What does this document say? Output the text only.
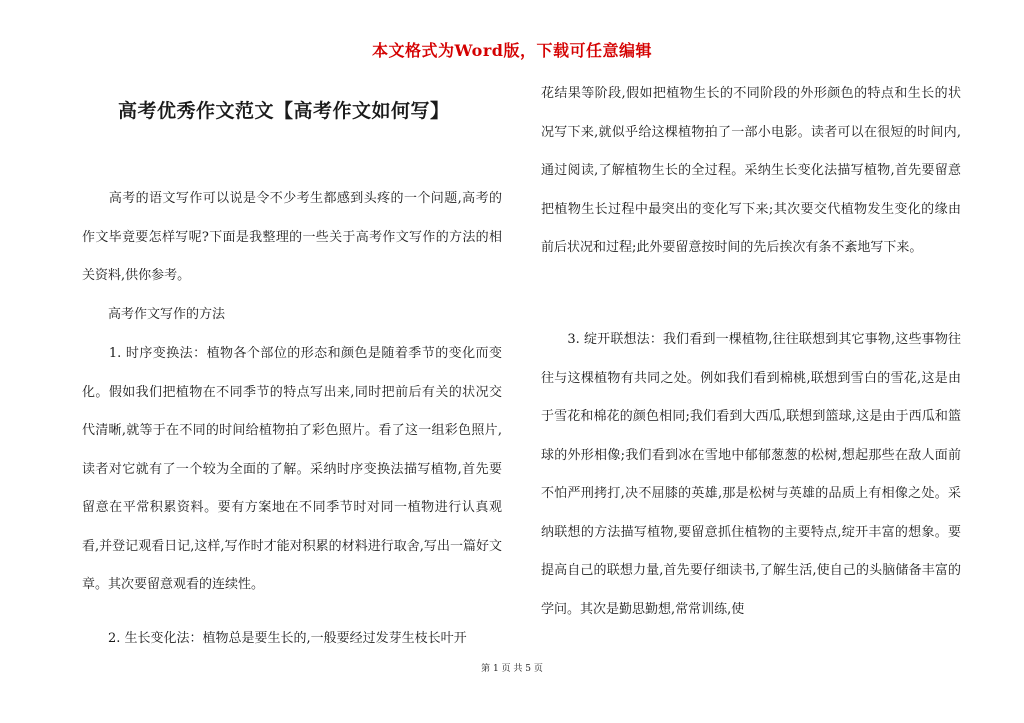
本文格式为Word版，下载可任意编辑
高考优秀作文范文【高考作文如何写】

　　高考的语文写作可以说是令不少考生都感到头疼的一个问题,高考的作文毕竟要怎样写呢?下面是我整理的一些关于高考作文写作的方法的相关资料,供你参考。

　　高考作文写作的方法

　　1. 时序变换法：植物各个部位的形态和颜色是随着季节的变化而变化。假如我们把植物在不同季节的特点写出来,同时把前后有关的状况交代清晰,就等于在不同的时间给植物拍了彩色照片。看了这一组彩色照片,读者对它就有了一个较为全面的了解。采纳时序变换法描写植物,首先要留意在平常积累资料。要有方案地在不同季节时对同一植物进行认真观看,并登记观看日记,这样,写作时才能对积累的材料进行取舍,写出一篇好文章。其次要留意观看的连续性。

　　2. 生长变化法：植物总是要生长的,一般要经过发芽生枝长叶开

花结果等阶段,假如把植物生长的不同阶段的外形颜色的特点和生长的状况写下来,就似乎给这棵植物拍了一部小电影。读者可以在很短的时间内,通过阅读,了解植物生长的全过程。采纳生长变化法描写植物,首先要留意把植物生长过程中最突出的变化写下来;其次要交代植物发生变化的缘由前后状况和过程;此外要留意按时间的先后挨次有条不紊地写下来。

　　3. 绽开联想法：我们看到一棵植物,往往联想到其它事物,这些事物往往与这棵植物有共同之处。例如我们看到棉桃,联想到雪白的雪花,这是由于雪花和棉花的颜色相同;我们看到大西瓜,联想到篮球,这是由于西瓜和篮球的外形相像;我们看到冰在雪地中郁郁葱葱的松树,想起那些在敌人面前不怕严刑拷打,决不屈膝的英雄,那是松树与英雄的品质上有相像之处。采纳联想的方法描写植物,要留意抓住植物的主要特点,绽开丰富的想象。要提高自己的联想力量,首先要仔细读书,了解生活,使自己的头脑储备丰富的学问。其次是勤思勤想,常常训练,使

第 1 页 共 5 页
